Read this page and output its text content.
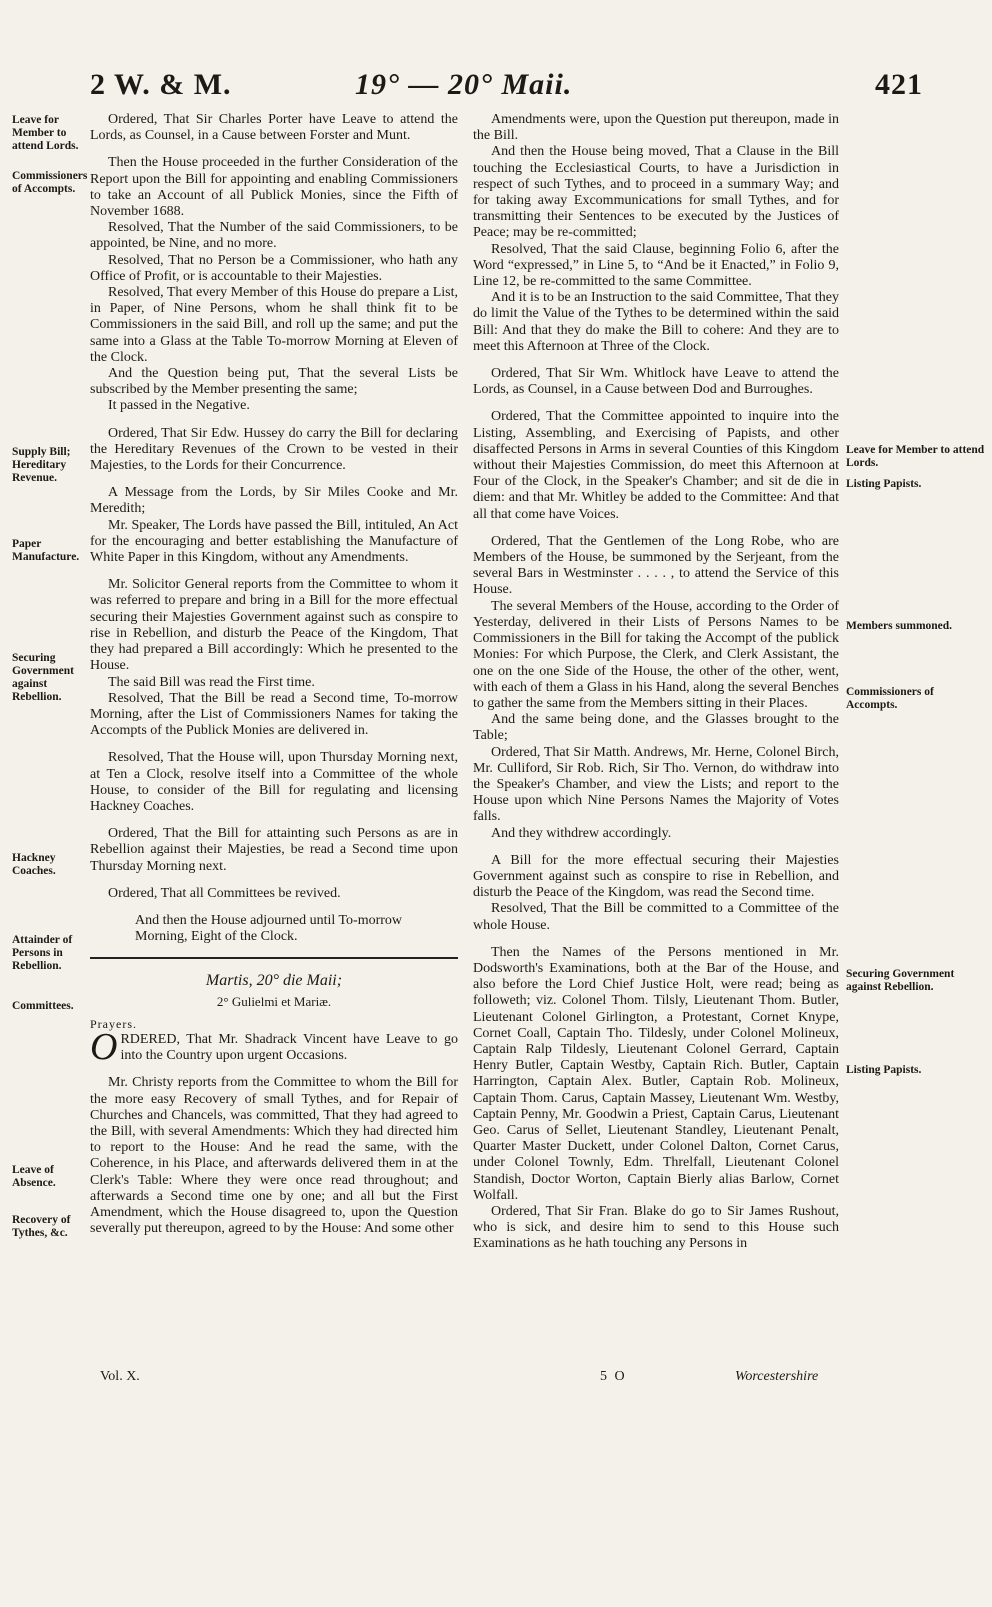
2 W. & M.	19° — 20° Maii.	421
Leave for Member to attend Lords.
Commissioners of Accompts.
Supply Bill; Hereditary Revenue.
Paper Manufacture.
Securing Government against Rebellion.
Hackney Coaches.
Attainder of Persons in Rebellion.
Committees.
Leave of Absence.
Recovery of Tythes, &c.
Leave for Member to attend Lords.
Listing Papists.
Members summoned.
Commissioners of Accompts.
Securing Government against Rebellion.
Listing Papists.

Ordered, That Sir Charles Porter have Leave to attend the Lords, as Counsel, in a Cause between Forster and Munt.

Then the House proceeded in the further Consideration of the Report upon the Bill for appointing and enabling Commissioners to take an Account of all Publick Monies, since the Fifth of November 1688.

Resolved, That the Number of the said Commissioners, to be appointed, be Nine, and no more.

Resolved, That no Person be a Commissioner, who hath any Office of Profit, or is accountable to their Majesties.

Resolved, That every Member of this House do prepare a List, in Paper, of Nine Persons, whom he shall think fit to be Commissioners in the said Bill, and roll up the same; and put the same into a Glass at the Table To-morrow Morning at Eleven of the Clock.

And the Question being put, That the several Lists be subscribed by the Member presenting the same;

It passed in the Negative.

Ordered, That Sir Edw. Hussey do carry the Bill for declaring the Hereditary Revenues of the Crown to be vested in their Majesties, to the Lords for their Concurrence.

A Message from the Lords, by Sir Miles Cooke and Mr. Meredith;

Mr. Speaker, The Lords have passed the Bill, intituled, An Act for the encouraging and better establishing the Manufacture of White Paper in this Kingdom, without any Amendments.

Mr. Solicitor General reports from the Committee to whom it was referred to prepare and bring in a Bill for the more effectual securing their Majesties Government against such as conspire to rise in Rebellion, and disturb the Peace of the Kingdom, That they had prepared a Bill accordingly: Which he presented to the House.

The said Bill was read the First time.

Resolved, That the Bill be read a Second time, To-morrow Morning, after the List of Commissioners Names for taking the Accompts of the Publick Monies are delivered in.

Resolved, That the House will, upon Thursday Morning next, at Ten a Clock, resolve itself into a Committee of the whole House, to consider of the Bill for regulating and licensing Hackney Coaches.

Ordered, That the Bill for attainting such Persons as are in Rebellion against their Majesties, be read a Second time upon Thursday Morning next.

Ordered, That all Committees be revived.

And then the House adjourned until To-morrow Morning, Eight of the Clock.

Martis, 20° die Maii;

2° Gulielmi et Mariæ.

Prayers.

ORDERED, That Mr. Shadrack Vincent have Leave to go into the Country upon urgent Occasions.

Mr. Christy reports from the Committee to whom the Bill for the more easy Recovery of small Tythes, and for Repair of Churches and Chancels, was committed, That they had agreed to the Bill, with several Amendments: Which they had directed him to report to the House: And he read the same, with the Coherence, in his Place, and afterwards delivered them in at the Clerk's Table: Where they were once read throughout; and afterwards a Second time one by one; and all but the First Amendment, which the House disagreed to, upon the Question severally put thereupon, agreed to by the House: And some other

Amendments were, upon the Question put thereupon, made in the Bill.

And then the House being moved, That a Clause in the Bill touching the Ecclesiastical Courts, to have a Jurisdiction in respect of such Tythes, and to proceed in a summary Way; and for taking away Excommunications for small Tythes, and for transmitting their Sentences to be executed by the Justices of Peace; may be re-committed;

Resolved, That the said Clause, beginning Folio 6, after the Word “expressed,” in Line 5, to “And be it Enacted,” in Folio 9, Line 12, be re-committed to the same Committee.

And it is to be an Instruction to the said Committee, That they do limit the Value of the Tythes to be determined within the said Bill: And that they do make the Bill to cohere: And they are to meet this Afternoon at Three of the Clock.

Ordered, That Sir Wm. Whitlock have Leave to attend the Lords, as Counsel, in a Cause between Dod and Burroughes.

Ordered, That the Committee appointed to inquire into the Listing, Assembling, and Exercising of Papists, and other disaffected Persons in Arms in several Counties of this Kingdom without their Majesties Commission, do meet this Afternoon at Four of the Clock, in the Speaker's Chamber; and sit de die in diem: and that Mr. Whitley be added to the Committee: And that all that come have Voices.

Ordered, That the Gentlemen of the Long Robe, who are Members of the House, be summoned by the Serjeant, from the several Bars in Westminster . . . . , to attend the Service of this House.

The several Members of the House, according to the Order of Yesterday, delivered in their Lists of Persons Names to be Commissioners in the Bill for taking the Accompt of the publick Monies: For which Purpose, the Clerk, and Clerk Assistant, the one on the one Side of the House, the other of the other, went, with each of them a Glass in his Hand, along the several Benches to gather the same from the Members sitting in their Places.

And the same being done, and the Glasses brought to the Table;

Ordered, That Sir Matth. Andrews, Mr. Herne, Colonel Birch, Mr. Culliford, Sir Rob. Rich, Sir Tho. Vernon, do withdraw into the Speaker's Chamber, and view the Lists; and report to the House upon which Nine Persons Names the Majority of Votes falls.

And they withdrew accordingly.

A Bill for the more effectual securing their Majesties Government against such as conspire to rise in Rebellion, and disturb the Peace of the Kingdom, was read the Second time.

Resolved, That the Bill be committed to a Committee of the whole House.

Then the Names of the Persons mentioned in Mr. Dodsworth's Examinations, both at the Bar of the House, and also before the Lord Chief Justice Holt, were read; being as followeth; viz. Colonel Thom. Tilsly, Lieutenant Thom. Butler, Lieutenant Colonel Girlington, a Protestant, Cornet Knype, Cornet Coall, Captain Tho. Tildesly, under Colonel Molineux, Captain Ralp Tildesly, Lieutenant Colonel Gerrard, Captain Henry Butler, Captain Westby, Captain Rich. Butler, Captain Harrington, Captain Alex. Butler, Captain Rob. Molineux, Captain Thom. Carus, Captain Massey, Lieutenant Wm. Westby, Captain Penny, Mr. Goodwin a Priest, Captain Carus, Lieutenant Geo. Carus of Sellet, Lieutenant Standley, Lieutenant Penalt, Quarter Master Duckett, under Colonel Dalton, Cornet Carus, under Colonel Townly, Edm. Threlfall, Lieutenant Colonel Standish, Doctor Worton, Captain Bierly alias Barlow, Cornet Wolfall.

Ordered, That Sir Fran. Blake do go to Sir James Rushout, who is sick, and desire him to send to this House such Examinations as he hath touching any Persons in

Vol. X.	5 O	Worcestershire
